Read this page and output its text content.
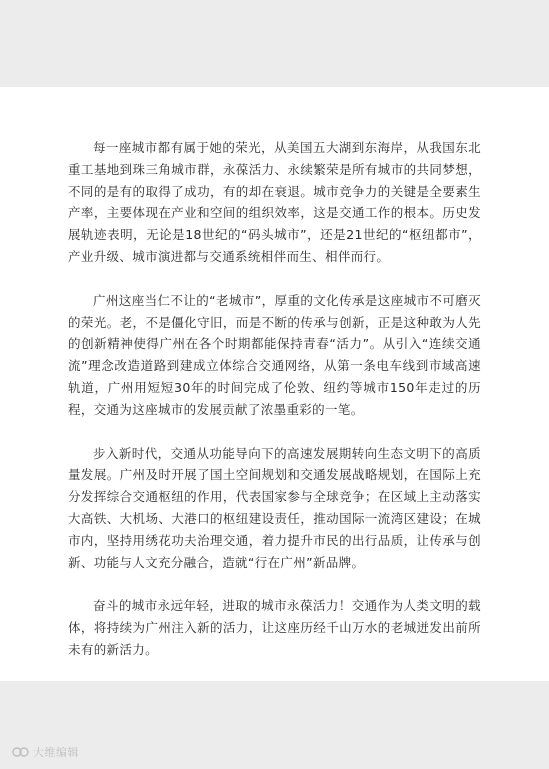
每一座城市都有属于她的荣光，从美国五大湖到东海岸，从我国东北重工基地到珠三角城市群，永葆活力、永续繁荣是所有城市的共同梦想，不同的是有的取得了成功，有的却在衰退。城市竞争力的关键是全要素生产率，主要体现在产业和空间的组织效率，这是交通工作的根本。历史发展轨迹表明，无论是18世纪的“码头城市”，还是21世纪的“枢纽都市”，产业升级、城市演进都与交通系统相伴而生、相伴而行。

广州这座当仁不让的“老城市”，厚重的文化传承是这座城市不可磨灭的荣光。老，不是僵化守旧，而是不断的传承与创新，正是这种敢为人先的创新精神使得广州在各个时期都能保持青春“活力”。从引入“连续交通流”理念改造道路到建成立体综合交通网络，从第一条电车线到市域高速轨道，广州用短短30年的时间完成了伦敦、纽约等城市150年走过的历程，交通为这座城市的发展贡献了浓墨重彩的一笔。

步入新时代，交通从功能导向下的高速发展期转向生态文明下的高质量发展。广州及时开展了国土空间规划和交通发展战略规划，在国际上充分发挥综合交通枢纽的作用，代表国家参与全球竞争；在区域上主动落实大高铁、大机场、大港口的枢纽建设责任，推动国际一流湾区建设；在城市内，坚持用绣花功夫治理交通，着力提升市民的出行品质，让传承与创新、功能与人文充分融合，造就“行在广州”新品牌。

奋斗的城市永远年轻，进取的城市永葆活力！交通作为人类文明的载体，将持续为广州注入新的活力，让这座历经千山万水的老城迸发出前所未有的新活力。

大维编辑
